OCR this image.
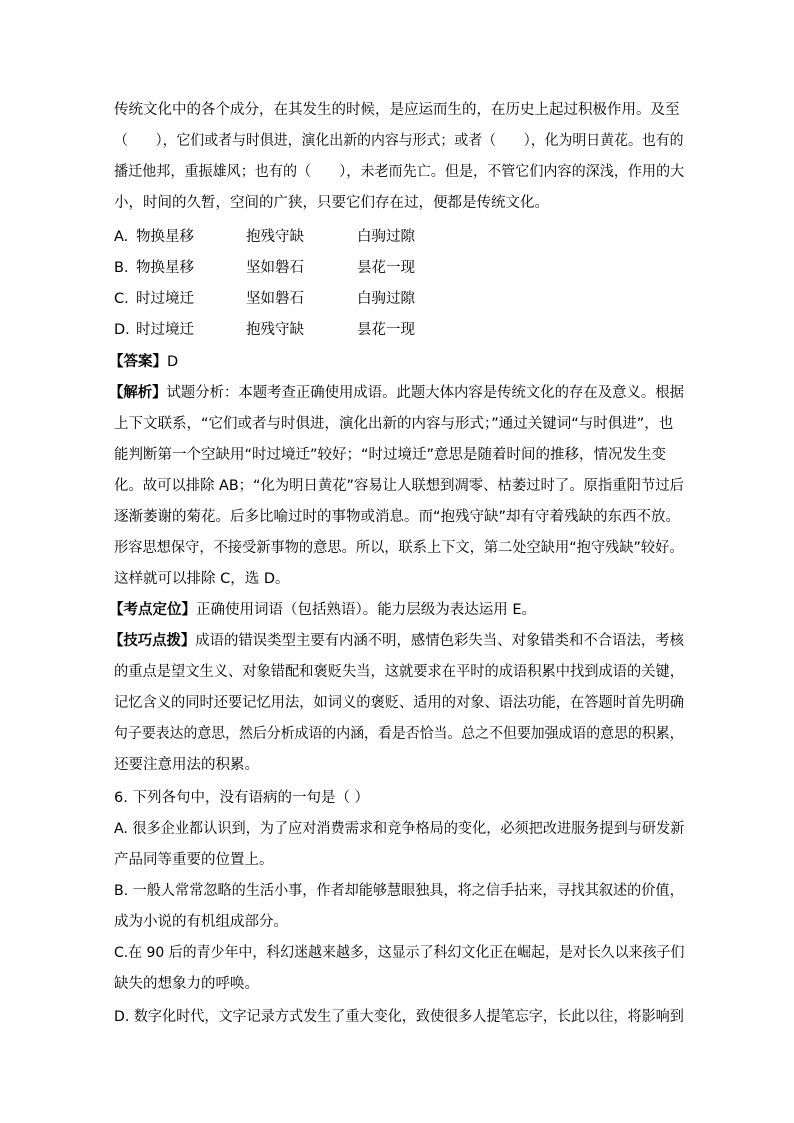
传统文化中的各个成分，在其发生的时候，是应运而生的，在历史上起过积极作用。及至

（　　），它们或者与时俱进，演化出新的内容与形式；或者（　　），化为明日黄花。也有的

播迁他邦，重振雄风；也有的（　　），未老而先亡。但是，不管它们内容的深浅，作用的大

小，时间的久暂，空间的广狭，只要它们存在过，便都是传统文化。

A. 物换星移	抱残守缺	白驹过隙
B. 物换星移	坚如磐石	昙花一现
C. 时过境迁	坚如磐石	白驹过隙
D. 时过境迁	抱残守缺	昙花一现

【答案】D

【解析】试题分析：本题考查正确使用成语。此题大体内容是传统文化的存在及意义。根据

上下文联系，“它们或者与时俱进，演化出新的内容与形式；”通过关键词“与时俱进”，也

能判断第一个空缺用“时过境迁”较好；“时过境迁”意思是随着时间的推移，情况发生变

化。故可以排除 AB；“化为明日黄花”容易让人联想到凋零、枯萎过时了。原指重阳节过后

逐渐萎谢的菊花。后多比喻过时的事物或消息。而“抱残守缺”却有守着残缺的东西不放。

形容思想保守，不接受新事物的意思。所以，联系上下文，第二处空缺用“抱守残缺”较好。

这样就可以排除 C，选 D。

【考点定位】正确使用词语（包括熟语）。能力层级为表达运用 E。

【技巧点拨】成语的错误类型主要有内涵不明，感情色彩失当、对象错类和不合语法，考核

的重点是望文生义、对象错配和褒贬失当，这就要求在平时的成语积累中找到成语的关键，

记忆含义的同时还要记忆用法，如词义的褒贬、适用的对象、语法功能，在答题时首先明确

句子要表达的意思，然后分析成语的内涵，看是否恰当。总之不但要加强成语的意思的积累，

还要注意用法的积累。

6. 下列各句中，没有语病的一句是（ ）

A. 很多企业都认识到，为了应对消费需求和竞争格局的变化，必须把改进服务提到与研发新

产品同等重要的位置上。

B. 一般人常常忽略的生活小事，作者却能够慧眼独具，将之信手拈来，寻找其叙述的价值，

成为小说的有机组成部分。

C.在 90 后的青少年中，科幻迷越来越多，这显示了科幻文化正在崛起，是对长久以来孩子们

缺失的想象力的呼唤。

D. 数字化时代，文字记录方式发生了重大变化，致使很多人提笔忘字，长此以往，将影响到
